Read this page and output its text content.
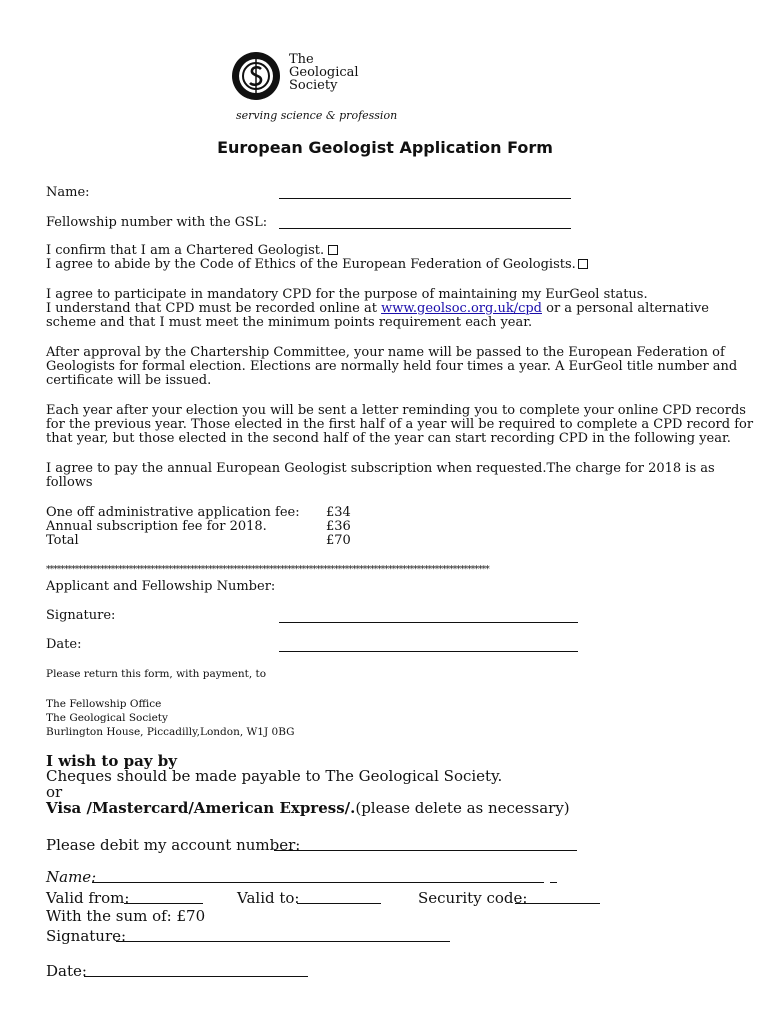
The
Geological
Society
serving science & profession
European Geologist Application Form
Name:
Fellowship number with the GSL:
I confirm that I am a Chartered Geologist.
I agree to abide by the Code of Ethics of the European Federation of Geologists.
I agree to participate in mandatory CPD for the purpose of maintaining my EurGeol status.
I understand that CPD must be recorded online at www.geolsoc.org.uk/cpd or a personal alternative
scheme and that I must meet the minimum points requirement each year.
After approval by the Chartership Committee, your name will be passed to the European Federation of
Geologists for formal election. Elections are normally held four times a year. A EurGeol title number and
certificate will be issued.
Each year after your election you will be sent a letter reminding you to complete your online CPD records
for the previous year. Those elected in the first half of a year will be required to complete a CPD record for
that year, but those elected in the second half of the year can start recording CPD in the following year.
I agree to pay the annual European Geologist subscription when requested.The charge for 2018 is as
follows
One off administrative application fee: £34
Annual subscription fee for 2018.	£36
Total	£70
***************************************************************************************************************************
Applicant and Fellowship Number:
Signature:
Date:
Please return this form, with payment, to
The Fellowship Office
The Geological Society
Burlington House, Piccadilly,London, W1J 0BG
I wish to pay by
Cheques should be made payable to The Geological Society.
or
Visa /Mastercard/American Express/.(please delete as necessary)
Please debit my account number:
Name:
Valid from:	Valid to:	Security code:
With the sum of: £70
Signature:
Date:
